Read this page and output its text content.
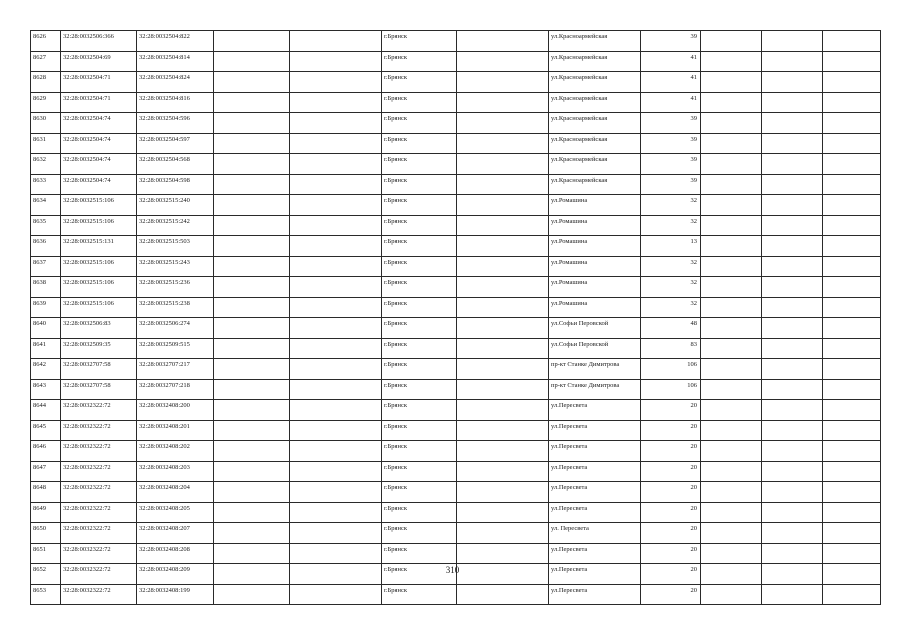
8626	32:28:0032506:366	32:28:0032504:822			г.Брянск		ул.Красноармейская	39			
8627	32:28:0032504:69	32:28:0032504:814			г.Брянск		ул.Красноармейская	41			
8628	32:28:0032504:71	32:28:0032504:824			г.Брянск		ул.Красноармейская	41			
8629	32:28:0032504:71	32:28:0032504:816			г.Брянск		ул.Красноармейская	41			
8630	32:28:0032504:74	32:28:0032504:596			г.Брянск		ул.Красноармейская	39			
8631	32:28:0032504:74	32:28:0032504:597			г.Брянск		ул.Красноармейская	39			
8632	32:28:0032504:74	32:28:0032504:568			г.Брянск		ул.Красноармейская	39			
8633	32:28:0032504:74	32:28:0032504:598			г.Брянск		ул.Красноармейская	39			
8634	32:28:0032515:106	32:28:0032515:240			г.Брянск		ул.Ромашина	32			
8635	32:28:0032515:106	32:28:0032515:242			г.Брянск		ул.Ромашина	32			
8636	32:28:0032515:131	32:28:0032515:503			г.Брянск		ул.Ромашина	13			
8637	32:28:0032515:106	32:28:0032515:243			г.Брянск		ул.Ромашина	32			
8638	32:28:0032515:106	32:28:0032515:236			г.Брянск		ул.Ромашина	32			
8639	32:28:0032515:106	32:28:0032515:238			г.Брянск		ул.Ромашина	32			
8640	32:28:0032506:83	32:28:0032506:274			г.Брянск		ул.Софьи Перовской	48			
8641	32:28:0032509:35	32:28:0032509:515			г.Брянск		ул.Софьи Перовской	83			
8642	32:28:0032707:58	32:28:0032707:217			г.Брянск		пр-кт Станке Димитрова	106			
8643	32:28:0032707:58	32:28:0032707:218			г.Брянск		пр-кт Станке Димитрова	106			
8644	32:28:0032322:72	32:28:0032408:200			г.Брянск		ул.Пересвета	20			
8645	32:28:0032322:72	32:28:0032408:201			г.Брянск		ул.Пересвета	20			
8646	32:28:0032322:72	32:28:0032408:202			г.Брянск		ул.Пересвета	20			
8647	32:28:0032322:72	32:28:0032408:203			г.Брянск		ул.Пересвета	20			
8648	32:28:0032322:72	32:28:0032408:204			г.Брянск		ул.Пересвета	20			
8649	32:28:0032322:72	32:28:0032408:205			г.Брянск		ул.Пересвета	20			
8650	32:28:0032322:72	32:28:0032408:207			г.Брянск		ул. Пересвета	20			
8651	32:28:0032322:72	32:28:0032408:208			г.Брянск		ул.Пересвета	20			
8652	32:28:0032322:72	32:28:0032408:209			г.Брянск		ул.Пересвета	20			
8653	32:28:0032322:72	32:28:0032408:199			г.Брянск		ул.Пересвета	20			
310
